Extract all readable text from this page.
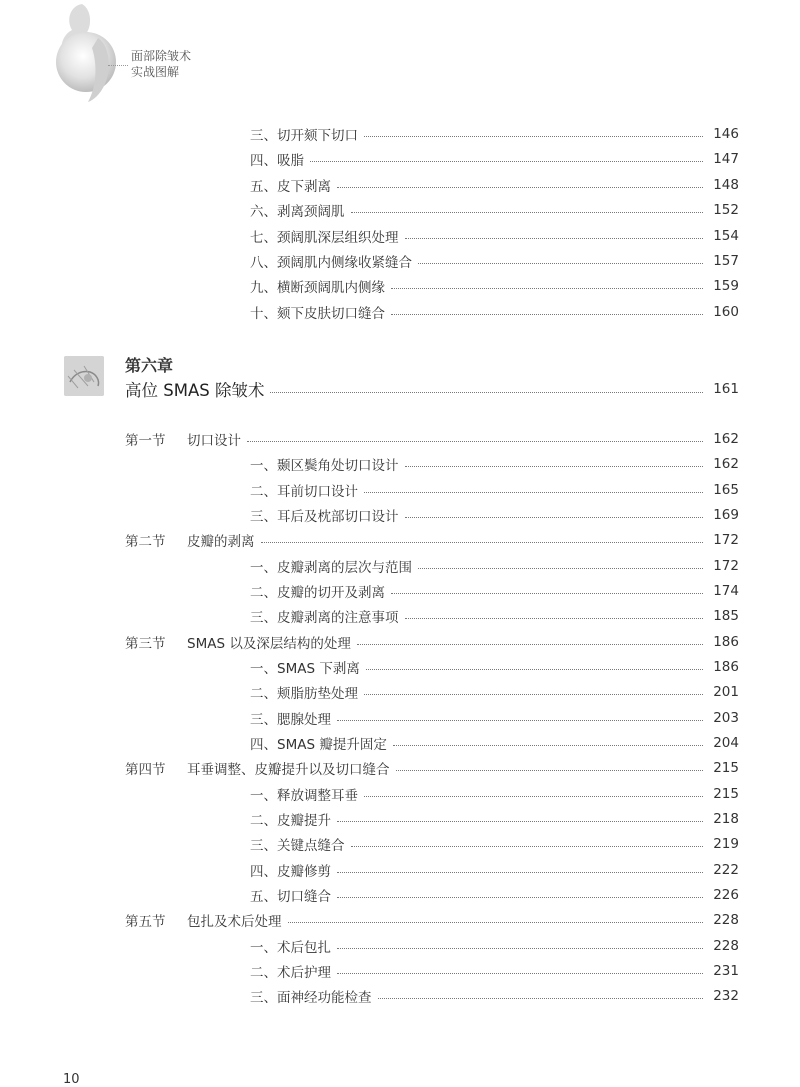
面部除皱术
实战图解
三、切开颏下切口	146
四、吸脂	147
五、皮下剥离	148
六、剥离颈阔肌	152
七、颈阔肌深层组织处理	154
八、颈阔肌内侧缘收紧缝合	157
九、横断颈阔肌内侧缘	159
十、颏下皮肤切口缝合	160
第六章
高位 SMAS 除皱术	161
第一节	切口设计	162
一、颞区鬓角处切口设计	162
二、耳前切口设计	165
三、耳后及枕部切口设计	169
第二节	皮瓣的剥离	172
一、皮瓣剥离的层次与范围	172
二、皮瓣的切开及剥离	174
三、皮瓣剥离的注意事项	185
第三节	SMAS 以及深层结构的处理	186
一、SMAS 下剥离	186
二、颊脂肪垫处理	201
三、腮腺处理	203
四、SMAS 瓣提升固定	204
第四节	耳垂调整、皮瓣提升以及切口缝合	215
一、释放调整耳垂	215
二、皮瓣提升	218
三、关键点缝合	219
四、皮瓣修剪	222
五、切口缝合	226
第五节	包扎及术后处理	228
一、术后包扎	228
二、术后护理	231
三、面神经功能检查	232
10
